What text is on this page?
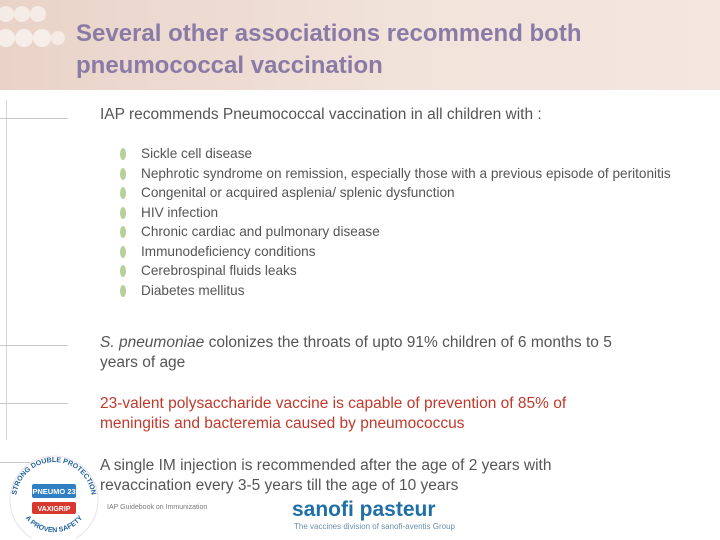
Several other associations recommend both pneumococcal vaccination
IAP recommends Pneumococcal vaccination in all children with :
Sickle cell disease
Nephrotic syndrome on remission, especially those with a previous episode of peritonitis
Congenital or acquired asplenia/ splenic dysfunction
HIV infection
Chronic cardiac and pulmonary disease
Immunodeficiency conditions
Cerebrospinal fluids leaks
Diabetes mellitus
S. pneumoniae colonizes the throats of upto 91% children of 6 months to 5 years of age
23-valent polysaccharide vaccine is capable of prevention of 85% of meningitis and bacteremia caused by pneumococcus
A single IM injection is recommended after the age of 2 years with revaccination every 3-5 years till the age of 10 years
IAP Guidebook on Immunization
STRONG DOUBLE PROTECTION
A PROVEN SAFETY
PNEUMO 23
VAXIGRIP	sanofi pasteur
The vaccines division of sanofi-aventis Group
